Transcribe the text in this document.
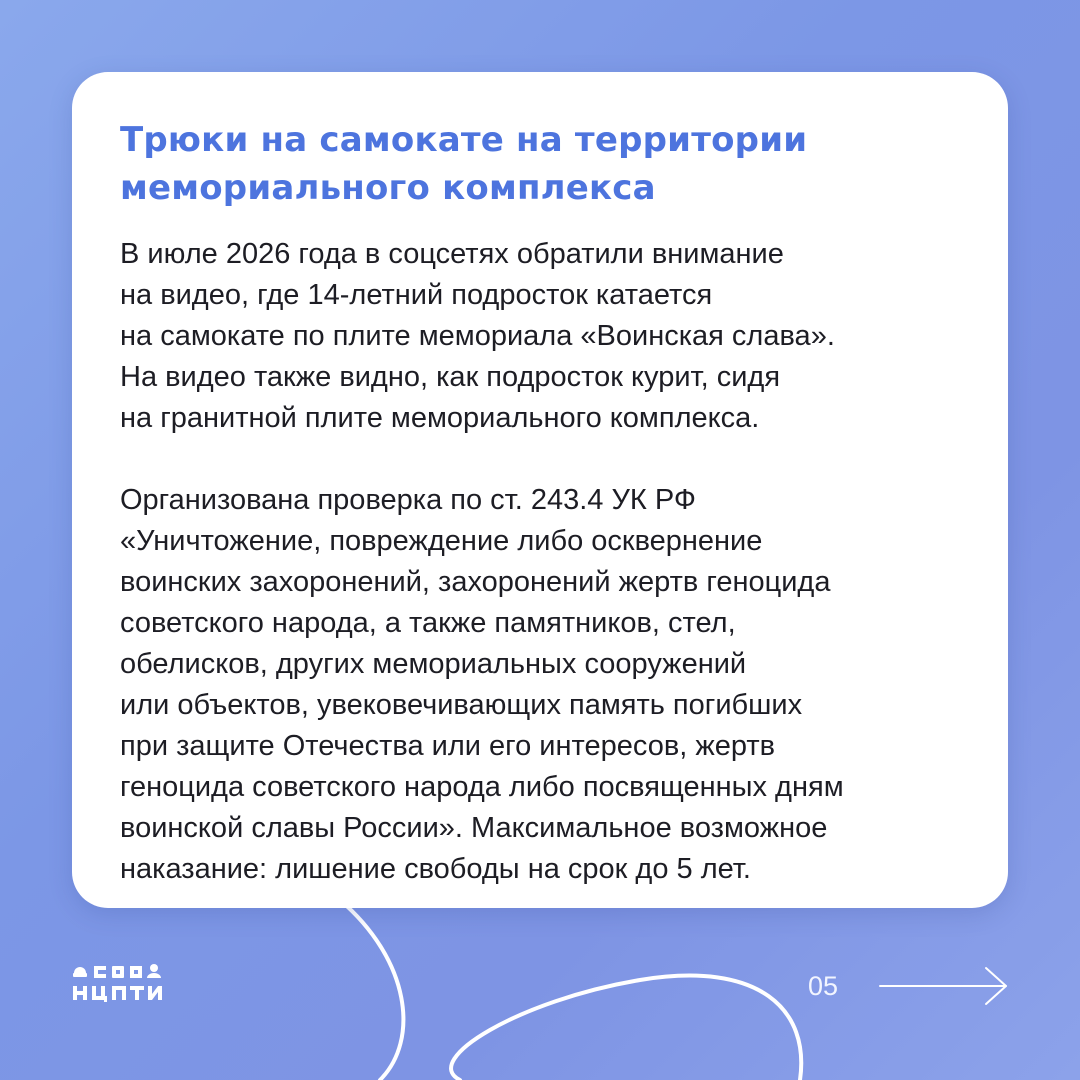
Трюки на самокате на территории
мемориального комплекса

В июле 2026 года в соцсетях обратили внимание
на видео, где 14-летний подросток катается
на самокате по плите мемориала «Воинская слава».
На видео также видно, как подросток курит, сидя
на гранитной плите мемориального комплекса.

Организована проверка по ст. 243.4 УК РФ
«Уничтожение, повреждение либо осквернение
воинских захоронений, захоронений жертв геноцида
советского народа, а также памятников, стел,
обелисков, других мемориальных сооружений
или объектов, увековечивающих память погибших
при защите Отечества или его интересов, жертв
геноцида советского народа либо посвященных дням
воинской славы России». Максимальное возможное
наказание: лишение свободы на срок до 5 лет.

05
